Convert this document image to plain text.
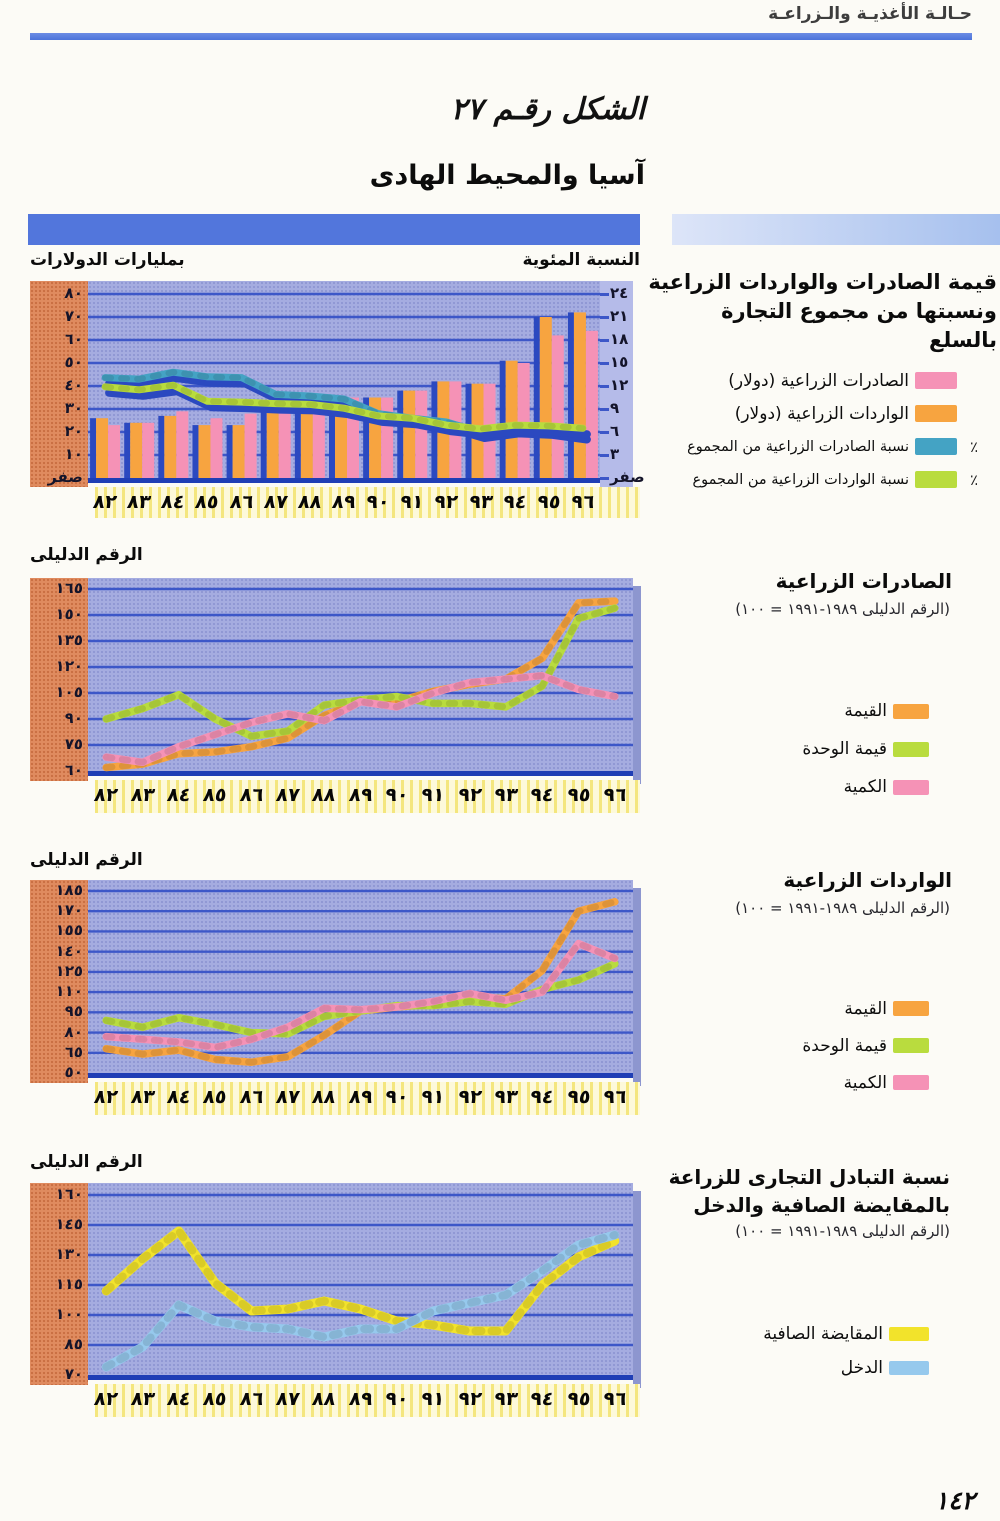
حـالـة الأغذيـة والـزراعـة
الشكل رقـم ٢٧
آسيا والمحيط الهادى
بمليارات الدولارات	النسبة المئوية
٨٠
٧٠
٦٠
٥٠
٤٠
٣٠
٢٠
١٠
صفر
٢٤
٢١
١٨
١٥
١٢
٩
٦
٣
صفر
٨٢ ٨٣ ٨٤ ٨٥ ٨٦ ٨٧ ٨٨ ٨٩ ٩٠ ٩١ ٩٢ ٩٣ ٩٤ ٩٥ ٩٦
قيمة الصادرات والواردات الزراعية
ونسبتها من مجموع التجارة
بالسلع
الصادرات الزراعية (دولار)
الواردات الزراعية (دولار)
٪
نسبة الصادرات الزراعية من المجموع
٪
نسبة الواردات الزراعية من المجموع
الرقم الدليلى
١٦٥
١٥٠
١٣٥
١٢٠
١٠٥
٩٠
٧٥
٦٠
٨٢ ٨٣ ٨٤ ٨٥ ٨٦ ٨٧ ٨٨ ٨٩ ٩٠ ٩١ ٩٢ ٩٣ ٩٤ ٩٥ ٩٦
الصادرات الزراعية
(الرقم الدليلى ١٩٨٩-١٩٩١ = ١٠٠)
القيمة
قيمة الوحدة
الكمية
الرقم الدليلى
١٨٥
١٧٠
١٥٥
١٤٠
١٢٥
١١٠
٩٥
٨٠
٦٥
٥٠
٨٢ ٨٣ ٨٤ ٨٥ ٨٦ ٨٧ ٨٨ ٨٩ ٩٠ ٩١ ٩٢ ٩٣ ٩٤ ٩٥ ٩٦
الواردات الزراعية
(الرقم الدليلى ١٩٨٩-١٩٩١ = ١٠٠)
القيمة
قيمة الوحدة
الكمية
الرقم الدليلى
١٦٠
١٤٥
١٣٠
١١٥
١٠٠
٨٥
٧٠
٨٢ ٨٣ ٨٤ ٨٥ ٨٦ ٨٧ ٨٨ ٨٩ ٩٠ ٩١ ٩٢ ٩٣ ٩٤ ٩٥ ٩٦
نسبة التبادل التجارى للزراعة
بالمقايضة الصافية والدخل
(الرقم الدليلى ١٩٨٩-١٩٩١ = ١٠٠)
المقايضة الصافية
الدخل
١٤٢
